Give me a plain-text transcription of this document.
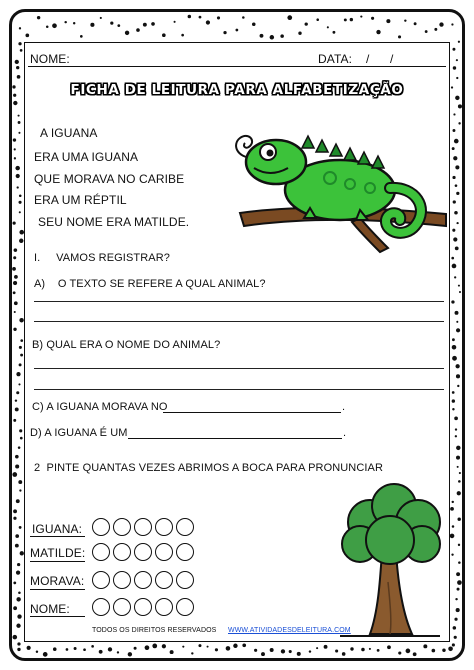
NOME:	DATA: /      /
FICHA DE LEITURA PARA ALFABETIZAÇÃO
A IGUANA
ERA UMA IGUANA
QUE MORAVA NO CARIBE
ERA UM RÉPTIL
SEU NOME ERA MATILDE.
I.     VAMOS REGISTRAR?
A)    O TEXTO SE REFERE A QUAL ANIMAL?
B) QUAL ERA O NOME DO ANIMAL?
C) A IGUANA MORAVA NO	.
D) A IGUANA É UM	.
2  PINTE QUANTAS VEZES ABRIMOS A BOCA PARA PRONUNCIAR
IGUANA:
MATILDE:
MORAVA:
NOME:
TODOS OS DIREITOS RESERVADOS WWW.ATIVIDADESDELEITURA.COM
